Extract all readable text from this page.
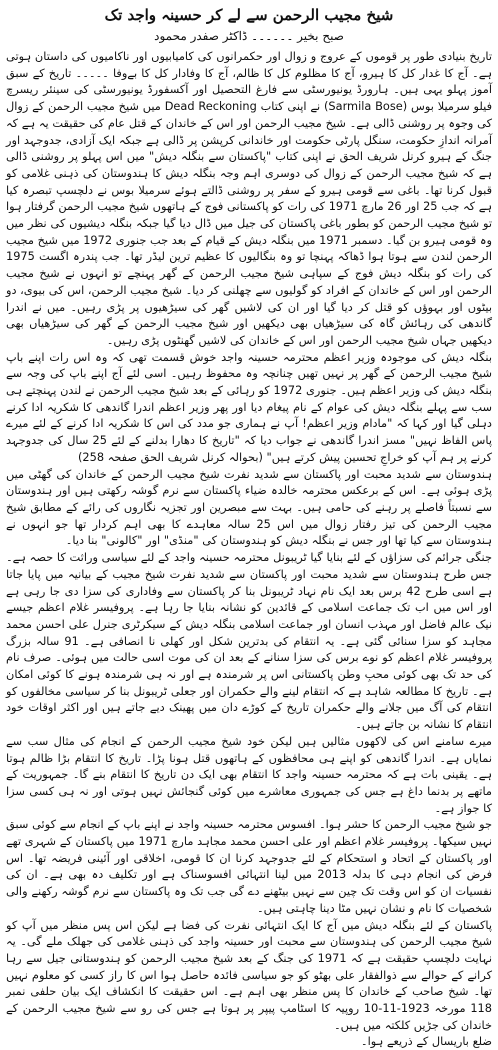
شیخ مجیب الرحمن سے لے کر حسینہ واجد تک
صبح بخیر ۔۔۔۔۔۔ ڈاکٹر صفدر محمود

تاریخ بنیادی طور پر قوموں کے عروج و زوال اور حکمرانوں کی کامیابیوں اور ناکامیوں کی داستان ہوتی ہے۔ آج کا غدار کل کا ہیرو، آج کا مظلوم کل کا ظالم، آج کا وفادار کل کا بےوفا ۔۔۔۔۔ تاریخ کے سبق آموز پہلو یہی ہیں۔ ہارورڈ یونیورسٹی سے فارغ التحصیل اور آکسفورڈ یونیورسٹی کی سینئر ریسرچ فیلو سرمیلا بوس (Sarmila Bose) نے اپنی کتاب Dead Reckoning میں شیخ مجیب الرحمن کے زوال کی وجوہ پر روشنی ڈالی ہے۔ شیخ مجیب الرحمن اور اس کے خاندان کے قتل عام کی حقیقت یہ ہے کہ آمرانہ اندازِ حکومت، سنگل پارٹی حکومت اور خاندانی کرپشن پر ڈالی ہے جبکہ ایک آزادی، جدوجہد اور جنگ کے ہیرو کرنل شریف الحق نے اپنی کتاب "پاکستان سے بنگلہ دیش" میں اس پہلو پر روشنی ڈالی ہے کہ شیخ مجیب الرحمن کے زوال کی دوسری اہم وجہ بنگلہ دیش کا ہندوستان کی ذہنی غلامی کو قبول کرنا تھا۔ باغی سے قومی ہیرو کے سفر پر روشنی ڈالتے ہوئے سرمیلا بوس نے دلچسپ تبصرہ کیا ہے کہ جب 25 اور 26 مارچ 1971 کی رات کو پاکستانی فوج کے ہاتھوں شیخ مجیب الرحمن گرفتار ہوا تو شیخ مجیب الرحمن کو بطور باغی پاکستان کی جیل میں ڈال دیا گیا جبکہ بنگلہ دیشیوں کی نظر میں وہ قومی ہیرو بن گیا۔ دسمبر 1971 میں بنگلہ دیش کے قیام کے بعد جب جنوری 1972 میں شیخ مجیب الرحمن لندن سے ہوتا ہوا ڈھاکہ پہنچا تو وہ بنگالیوں کا عظیم ترین لیڈر تھا۔ جب پندرہ اگست 1975 کی رات کو بنگلہ دیش فوج کے سپاہی شیخ مجیب الرحمن کے گھر پہنچے تو انہوں نے شیخ مجیب الرحمن اور اس کے خاندان کے افراد کو گولیوں سے چھلنی کر دیا۔ شیخ مجیب الرحمن، اس کی بیوی، دو بیٹوں اور بہوؤں کو قتل کر دیا گیا اور ان کی لاشیں گھر کی سیڑھیوں پر پڑی رہیں۔ میں نے اندرا گاندھی کی رہائش گاہ کی سیڑھیاں بھی دیکھیں اور شیخ مجیب الرحمن کے گھر کی سیڑھیاں بھی دیکھیں جہاں شیخ مجیب الرحمن اور اس کے خاندان کی لاشیں گھنٹوں پڑی رہیں۔

بنگلہ دیش کی موجودہ وزیر اعظم محترمہ حسینہ واجد خوش قسمت تھی کہ وہ اس رات اپنے باپ شیخ مجیب الرحمن کے گھر پر نہیں تھیں چنانچہ وہ محفوظ رہیں۔ اسی لئے آج اپنے باپ کی وجہ سے بنگلہ دیش کی وزیر اعظم ہیں۔ جنوری 1972 کو رہائی کے بعد شیخ مجیب الرحمن نے لندن پہنچتے ہی سب سے پہلے بنگلہ دیش کی عوام کے نام پیغام دیا اور پھر وزیر اعظم اندرا گاندھی کا شکریہ ادا کرنے دہلی گیا اور کہا کہ "مادام وزیر اعظم! آپ نے ہماری جو مدد کی اس کا شکریہ ادا کرنے کے لئے میرے پاس الفاظ نہیں" مسز اندرا گاندھی نے جواب دیا کہ "تاریخ کا دھارا بدلنے کے لئے 25 سال کی جدوجہد کرنے پر ہم آپ کو خراجِ تحسین پیش کرتے ہیں" (بحوالہ کرنل شریف الحق صفحہ 258)

ہندوستان سے شدید محبت اور پاکستان سے شدید نفرت شیخ مجیب الرحمن کے خاندان کی گھٹی میں پڑی ہوئی ہے۔ اس کے برعکس محترمہ خالدہ ضیاء پاکستان سے نرم گوشہ رکھتی ہیں اور ہندوستان سے نسبتاً فاصلے پر رہنے کی حامی ہیں۔ بہت سے مبصرین اور تجزیہ نگاروں کی رائے کے مطابق شیخ مجیب الرحمن کی تیز رفتار زوال میں اس 25 سالہ معاہدے کا بھی اہم کردار تھا جو انہوں نے ہندوستان سے کیا تھا اور جس نے بنگلہ دیش کو ہندوستان کی "منڈی" اور "کالونی" بنا دیا۔

جنگی جرائم کی سزاؤں کے لئے بنایا گیا ٹریبونل محترمہ حسینہ واجد کے لئے سیاسی وراثت کا حصہ ہے۔ جس طرح ہندوستان سے شدید محبت اور پاکستان سے شدید نفرت شیخ مجیب کے بیانیہ میں پایا جاتا ہے اسی طرح 42 برس بعد ایک نام نہاد ٹریبونل بنا کر پاکستان سے وفاداری کی سزا دی جا رہی ہے اور اس میں اب تک جماعت اسلامی کے قائدین کو نشانہ بنایا جا رہا ہے۔ پروفیسر غلام اعظم جیسے نیک عالم فاضل اور مہذب انسان اور جماعت اسلامی بنگلہ دیش کے سیکرٹری جنرل علی احسن محمد مجاہد کو سزا سنائی گئی ہے۔ یہ انتقام کی بدترین شکل اور کھلی نا انصافی ہے۔ 91 سالہ بزرگ پروفیسر غلام اعظم کو نوے برس کی سزا سنانے کے بعد ان کی موت اسی حالت میں ہوئی۔ صرف نام کی حد تک بھی کوئی محبِ وطن پاکستانی اس پر شرمندہ ہے اور نہ ہی شرمندہ ہونے کا کوئی امکان ہے۔ تاریخ کا مطالعہ شاہد ہے کہ انتقام لینے والے حکمران اور جعلی ٹریبونل بنا کر سیاسی مخالفوں کو انتقام کی آگ میں جلانے والے حکمران تاریخ کے کوڑے دان میں پھینک دیے جاتے ہیں اور اکثر اوقات خود انتقام کا نشانہ بن جاتے ہیں۔

میرے سامنے اس کی لاکھوں مثالیں ہیں لیکن خود شیخ مجیب الرحمن کے انجام کی مثال سب سے نمایاں ہے۔ اندرا گاندھی کو اپنے ہی محافظوں کے ہاتھوں قتل ہونا پڑا۔ تاریخ کا انتقام بڑا ظالم ہوتا ہے۔ یقینی بات ہے کہ محترمہ حسینہ واجد کا انتقام بھی ایک دن تاریخ کا انتقام بنے گا۔ جمہوریت کے ماتھے پر بدنما داغ ہے جس کی جمہوری معاشرے میں کوئی گنجائش نہیں ہوتی اور نہ ہی کسی سزا کا جواز ہے۔

جو شیخ مجیب الرحمن کا حشر ہوا۔ افسوس محترمہ حسینہ واجد نے اپنے باپ کے انجام سے کوئی سبق نہیں سیکھا۔ پروفیسر غلام اعظم اور علی احسن محمد مجاہد مارچ 1971 میں پاکستان کے شہری تھے اور پاکستان کے اتحاد و استحکام کے لئے جدوجہد کرنا ان کا قومی، اخلاقی اور آئینی فریضہ تھا۔ اس فرض کی انجام دہی کا بدلہ 2013 میں لینا انتہائی افسوسناک ہے اور تکلیف دہ بھی ہے۔ ان کی نفسیات ان کو اس وقت تک چین سے نہیں بیٹھنے دے گی جب تک وہ پاکستان سے نرم گوشہ رکھنے والی شخصیات کا نام و نشان نہیں مٹا دینا چاہتی ہیں۔

پاکستان کے لئے بنگلہ دیش میں آج کا ایک انتہائی نفرت کی فضا ہے لیکن اس پس منظر میں آپ کو شیخ مجیب الرحمن کی ہندوستان سے محبت اور حسینہ واجد کی ذہنی غلامی کی جھلک ملے گی۔ یہ نہایت دلچسپ حقیقت ہے کہ 1971 کی جنگ کے بعد شیخ مجیب الرحمن کو ہندوستانی جیل سے رہا کرانے کے حوالے سے ذوالفقار علی بھٹو کو جو سیاسی فائدہ حاصل ہوا اس کا راز کسی کو معلوم نہیں تھا۔ شیخ صاحب کے خاندان کا پس منظر بھی اہم ہے۔ اس حقیقت کا انکشاف ایک بیان حلفی نمبر 118 مورخہ 1923-11-10 روپیہ کا اسٹامپ پیپر پر ہوتا ہے جس کی رو سے شیخ مجیب الرحمن کے خاندان کی جڑیں کلکتہ میں ہیں۔

ضلع باریسال کے ذریعے ہوا۔
